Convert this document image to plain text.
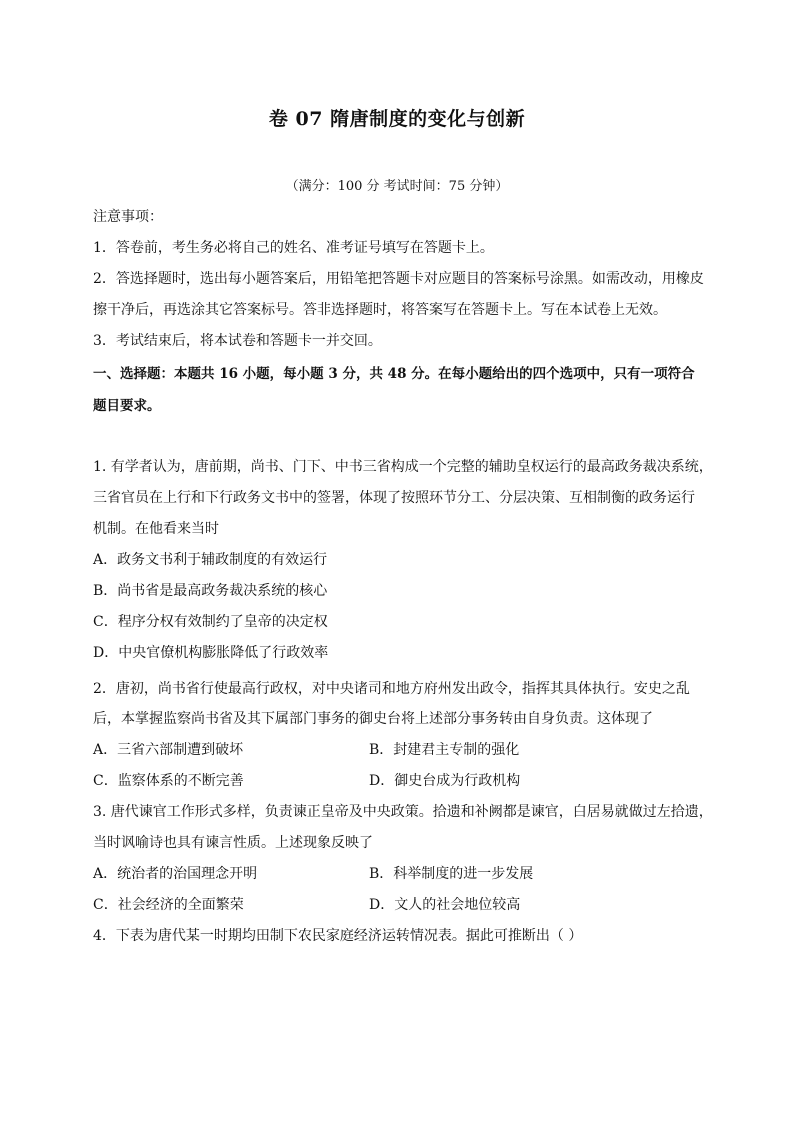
卷 07 隋唐制度的变化与创新
（满分：100 分 考试时间：75 分钟）
注意事项：
1．答卷前，考生务必将自己的姓名、准考证号填写在答题卡上。
2．答选择题时，选出每小题答案后，用铅笔把答题卡对应题目的答案标号涂黑。如需改动，用橡皮
擦干净后，再选涂其它答案标号。答非选择题时，将答案写在答题卡上。写在本试卷上无效。
3．考试结束后，将本试卷和答题卡一并交回。
一、选择题：本题共 16 小题，每小题 3 分，共 48 分。在每小题给出的四个选项中，只有一项符合
题目要求。
1. 有学者认为，唐前期，尚书、门下、中书三省构成一个完整的辅助皇权运行的最高政务裁决系统，
三省官员在上行和下行政务文书中的签署，体现了按照环节分工、分层决策、互相制衡的政务运行
机制。在他看来当时
A．政务文书利于辅政制度的有效运行
B．尚书省是最高政务裁决系统的核心
C．程序分权有效制约了皇帝的决定权
D．中央官僚机构膨胀降低了行政效率
2．唐初，尚书省行使最高行政权，对中央诸司和地方府州发出政令，指挥其具体执行。安史之乱
后，本掌握监察尚书省及其下属部门事务的御史台将上述部分事务转由自身负责。这体现了
A．三省六部制遭到破坏	B．封建君主专制的强化
C．监察体系的不断完善	D．御史台成为行政机构
3. 唐代谏官工作形式多样，负责谏正皇帝及中央政策。拾遗和补阙都是谏官，白居易就做过左拾遗，
当时讽喻诗也具有谏言性质。上述现象反映了
A．统治者的治国理念开明	B．科举制度的进一步发展
C．社会经济的全面繁荣	D．文人的社会地位较高
4．下表为唐代某一时期均田制下农民家庭经济运转情况表。据此可推断出（ ）
